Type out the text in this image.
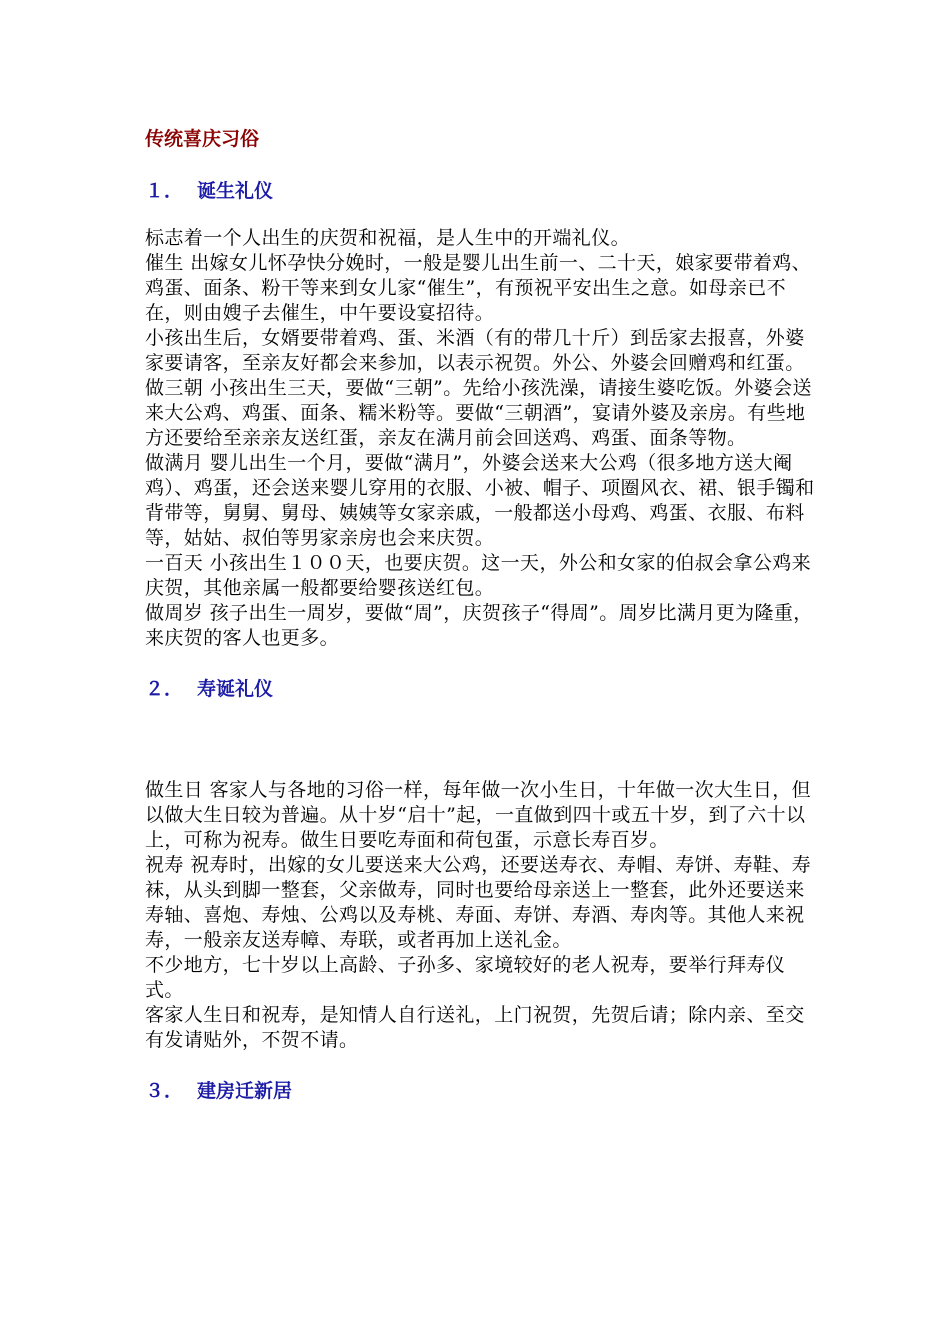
传统喜庆习俗
１． 诞生礼仪

标志着一个人出生的庆贺和祝福，是人生中的开端礼仪。

催生 出嫁女儿怀孕快分娩时，一般是婴儿出生前一、二十天，娘家要带着鸡、鸡蛋、面条、粉干等来到女儿家“催生”，有预祝平安出生之意。如母亲已不在，则由嫂子去催生，中午要设宴招待。

小孩出生后，女婿要带着鸡、蛋、米酒（有的带几十斤）到岳家去报喜，外婆家要请客，至亲友好都会来参加，以表示祝贺。外公、外婆会回赠鸡和红蛋。

做三朝 小孩出生三天，要做“三朝”。先给小孩洗澡，请接生婆吃饭。外婆会送来大公鸡、鸡蛋、面条、糯米粉等。要做“三朝酒”，宴请外婆及亲房。有些地方还要给至亲亲友送红蛋，亲友在满月前会回送鸡、鸡蛋、面条等物。

做满月 婴儿出生一个月，要做“满月”，外婆会送来大公鸡（很多地方送大阉鸡）、鸡蛋，还会送来婴儿穿用的衣服、小被、帽子、项圈风衣、裙、银手镯和背带等，舅舅、舅母、姨姨等女家亲戚，一般都送小母鸡、鸡蛋、衣服、布料等，姑姑、叔伯等男家亲房也会来庆贺。

一百天 小孩出生１００天，也要庆贺。这一天，外公和女家的伯叔会拿公鸡来庆贺，其他亲属一般都要给婴孩送红包。

做周岁 孩子出生一周岁，要做“周”，庆贺孩子“得周”。周岁比满月更为隆重，来庆贺的客人也更多。

２． 寿诞礼仪

做生日 客家人与各地的习俗一样，每年做一次小生日，十年做一次大生日，但以做大生日较为普遍。从十岁“启十”起，一直做到四十或五十岁，到了六十以上，可称为祝寿。做生日要吃寿面和荷包蛋，示意长寿百岁。

祝寿 祝寿时，出嫁的女儿要送来大公鸡，还要送寿衣、寿帽、寿饼、寿鞋、寿袜，从头到脚一整套，父亲做寿，同时也要给母亲送上一整套，此外还要送来寿轴、喜炮、寿烛、公鸡以及寿桃、寿面、寿饼、寿酒、寿肉等。其他人来祝寿，一般亲友送寿幛、寿联，或者再加上送礼金。

不少地方，七十岁以上高龄、子孙多、家境较好的老人祝寿，要举行拜寿仪式。

客家人生日和祝寿，是知情人自行送礼，上门祝贺，先贺后请；除内亲、至交有发请贴外，不贺不请。

３． 建房迁新居
